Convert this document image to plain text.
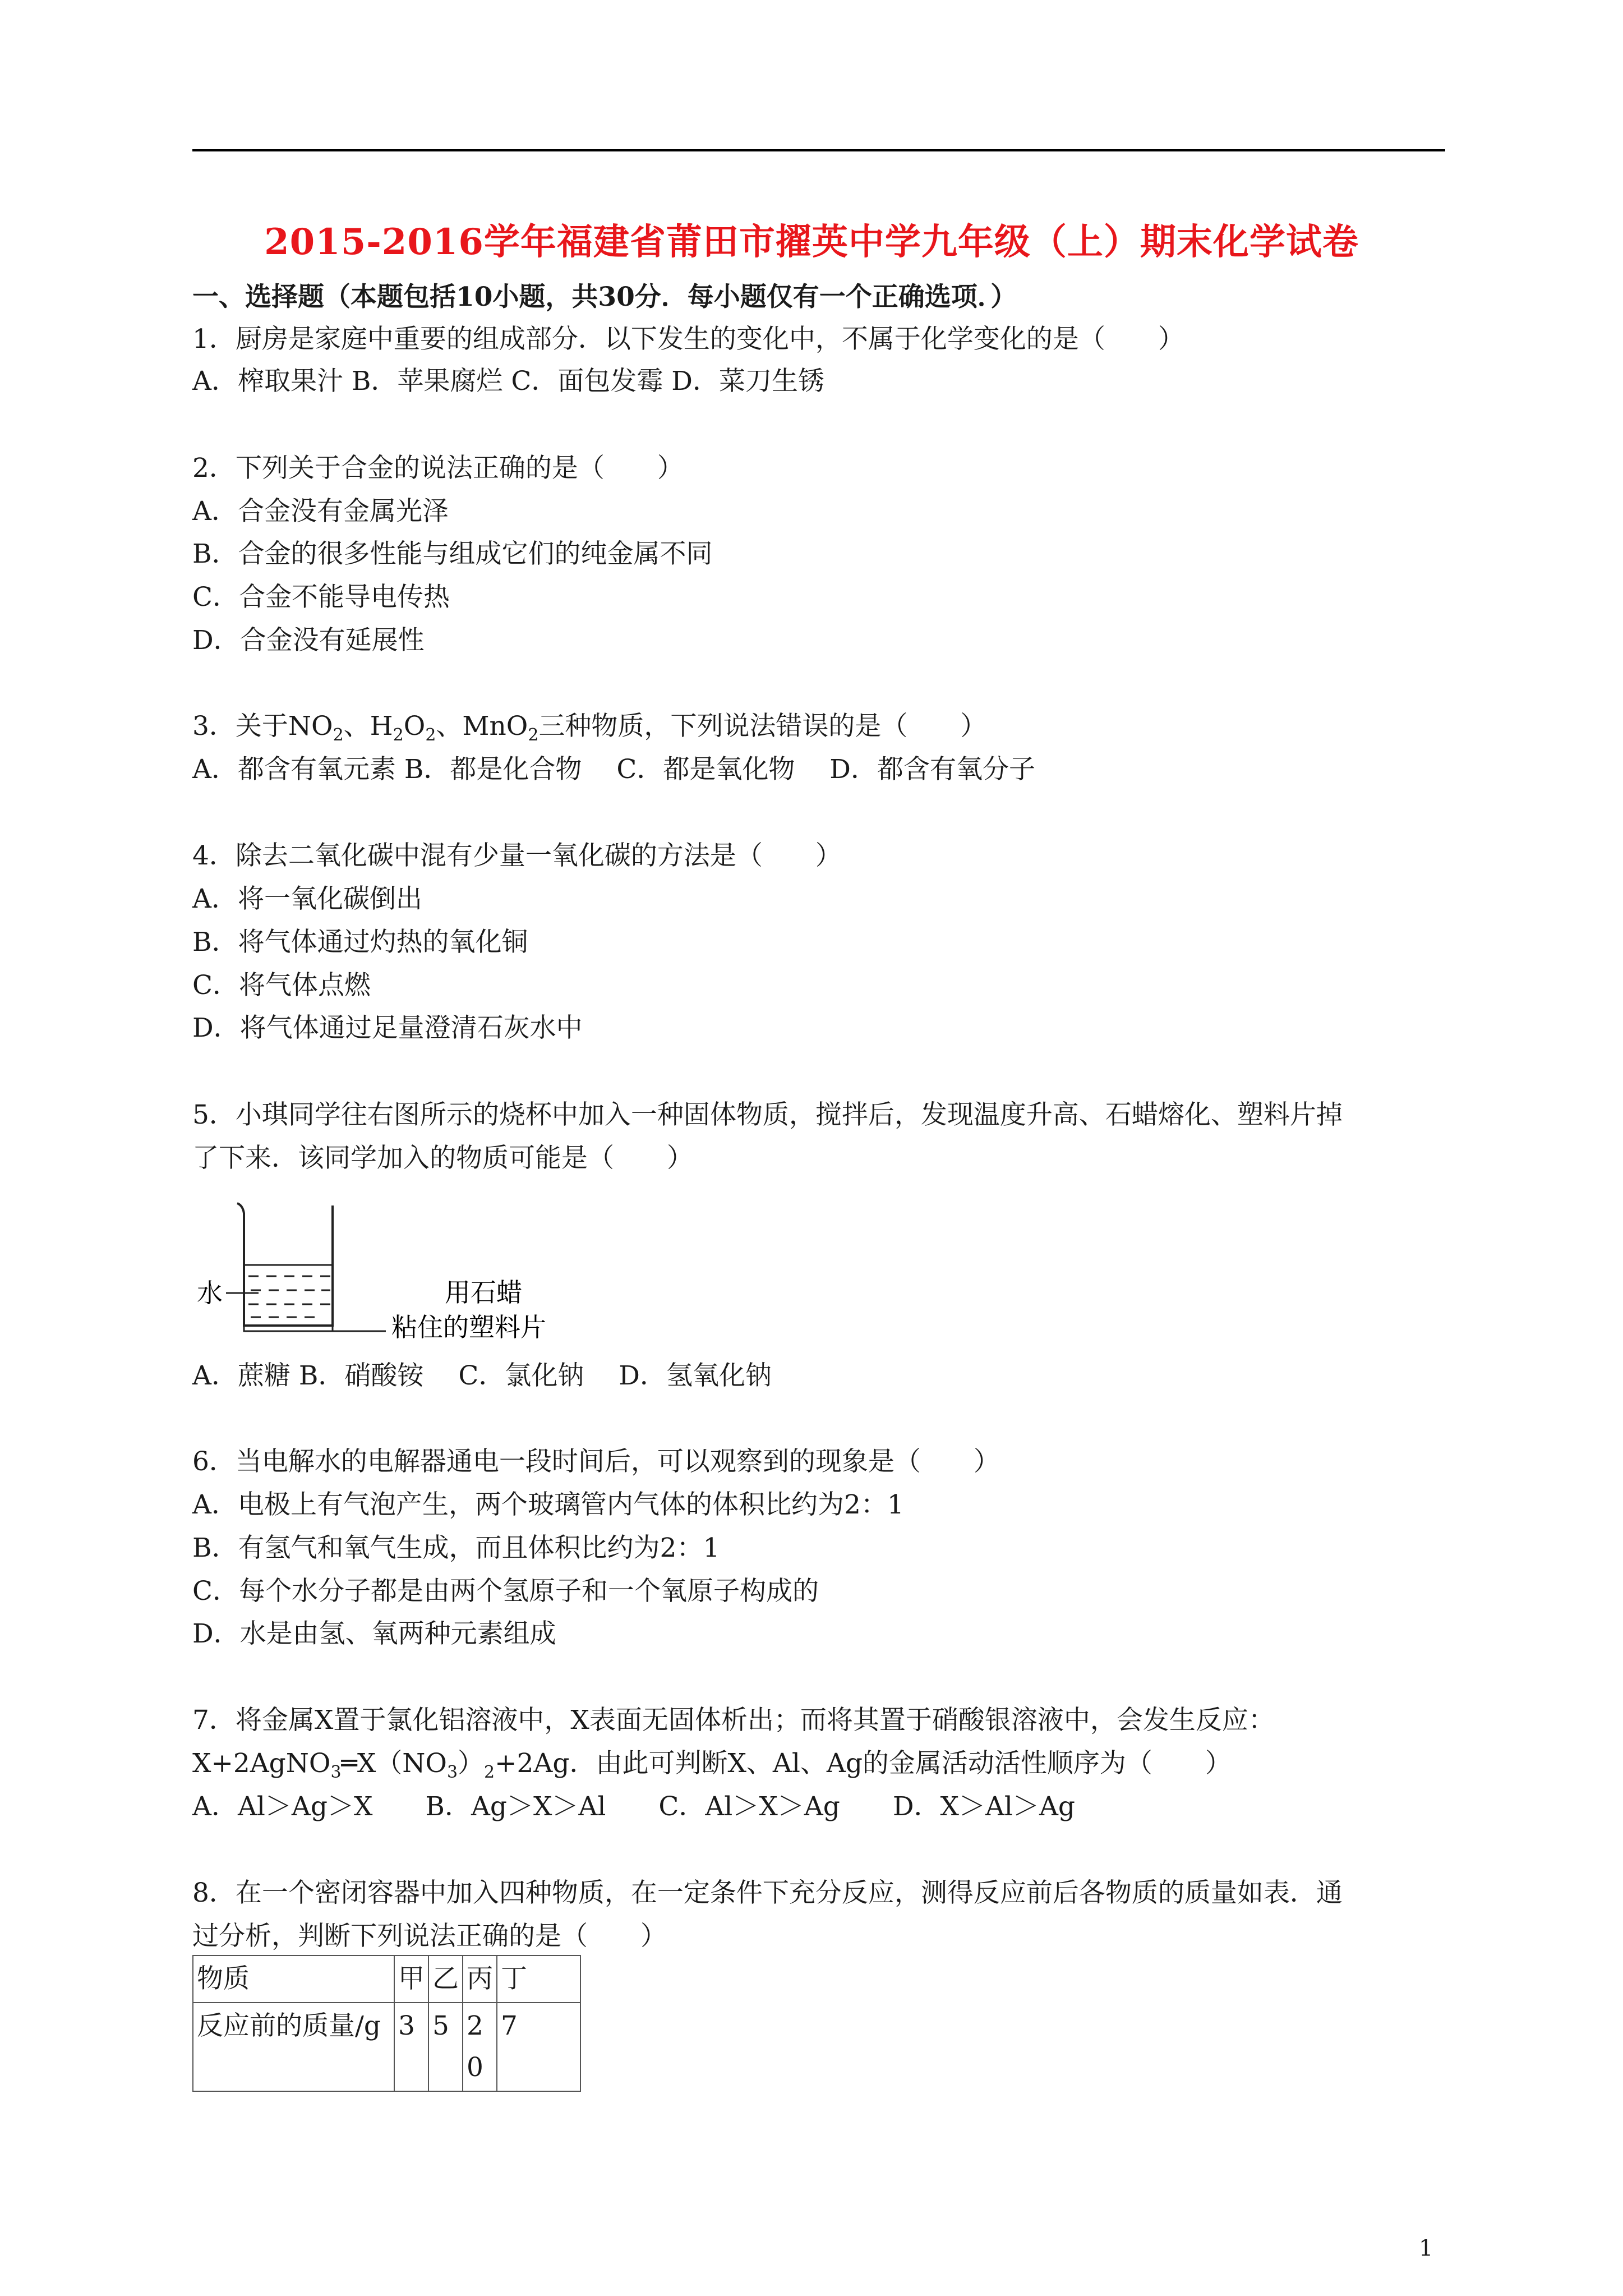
2015-2016学年福建省莆田市擢英中学九年级（上）期末化学试卷
一、选择题（本题包括10小题，共30分．每小题仅有一个正确选项．）
1．厨房是家庭中重要的组成部分．以下发生的变化中，不属于化学变化的是（　　）
A．榨取果汁 B．苹果腐烂 C．面包发霉 D．菜刀生锈
2．下列关于合金的说法正确的是（　　）
A．合金没有金属光泽
B．合金的很多性能与组成它们的纯金属不同
C．合金不能导电传热
D．合金没有延展性
3．关于$NO_2$、$H_2O_2$、MnO$_2$三种物质，下列说法错误的是（　　）
A．都含有氧元素 B．都是化合物　 C．都是氧化物　 D．都含有氧分子
4．除去二氧化碳中混有少量一氧化碳的方法是（　　）
A．将一氧化碳倒出
B．将气体通过灼热的氧化铜
C．将气体点燃
D．将气体通过足量澄清石灰水中
5．小琪同学往右图所示的烧杯中加入一种固体物质，搅拌后，发现温度升高、石蜡熔化、塑料片掉
了下来．该同学加入的物质可能是（　　）
水	用石蜡
粘住的塑料片
A．蔗糖 B．硝酸铵　 C．氯化钠　 D．氢氧化钠
6．当电解水的电解器通电一段时间后，可以观察到的现象是（　　）
A．电极上有气泡产生，两个玻璃管内气体的体积比约为2：1
B．有氢气和氧气生成，而且体积比约为2：1
C．每个水分子都是由两个氢原子和一个氧原子构成的
D．水是由氢、氧两种元素组成
7．将金属X置于氯化铝溶液中，X表面无固体析出；而将其置于硝酸银溶液中，会发生反应：
$X+2AgNO_3═X(NO_3)_2+2Ag$．由此可判断X、Al、Ag的金属活动活性顺序为（　　）
A．Al＞Ag＞X　　B．Ag＞X＞Al　　C．Al＞X＞Ag　　D．X＞Al＞Ag
8．在一个密闭容器中加入四种物质，在一定条件下充分反应，测得反应前后各物质的质量如表．通
过分析，判断下列说法正确的是（　　）
物质	甲	乙	丙	丁
反应前的质量/g	3	5	20	7
1
